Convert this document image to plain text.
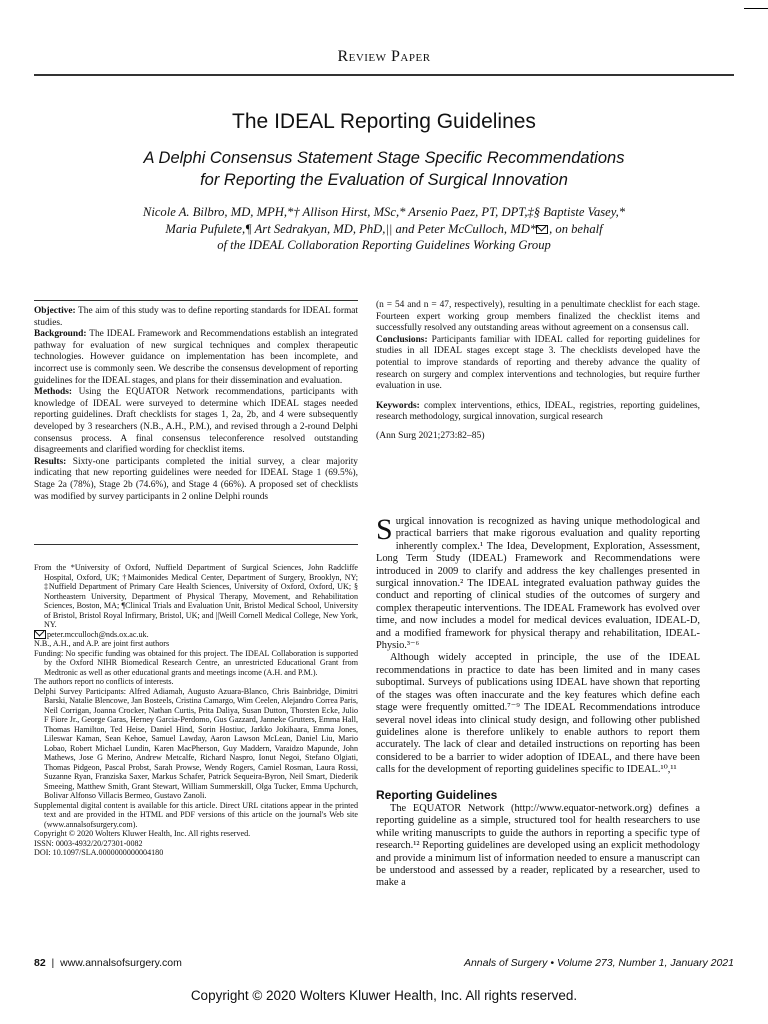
Review Paper
The IDEAL Reporting Guidelines
A Delphi Consensus Statement Stage Specific Recommendations
for Reporting the Evaluation of Surgical Innovation
Nicole A. Bilbro, MD, MPH,*† Allison Hirst, MSc,* Arsenio Paez, PT, DPT,‡§ Baptiste Vasey,*
Maria Pufulete,¶ Art Sedrakyan, MD, PhD,|| and Peter McCulloch, MD* , on behalf
of the IDEAL Collaboration Reporting Guidelines Working Group

Objective: The aim of this study was to define reporting standards for IDEAL format studies.

Background: The IDEAL Framework and Recommendations establish an integrated pathway for evaluation of new surgical techniques and complex therapeutic technologies. However guidance on implementation has been incomplete, and incorrect use is commonly seen. We describe the consensus development of reporting guidelines for the IDEAL stages, and plans for their dissemination and evaluation.

Methods: Using the EQUATOR Network recommendations, participants with knowledge of IDEAL were surveyed to determine which IDEAL stages needed reporting guidelines. Draft checklists for stages 1, 2a, 2b, and 4 were subsequently developed by 3 researchers (N.B., A.H., P.M.), and revised through a 2-round Delphi consensus process. A final consensus teleconference resolved outstanding disagreements and clarified wording for checklist items.

Results: Sixty-one participants completed the initial survey, a clear majority indicating that new reporting guidelines were needed for IDEAL Stage 1 (69.5%), Stage 2a (78%), Stage 2b (74.6%), and Stage 4 (66%). A proposed set of checklists was modified by survey participants in 2 online Delphi rounds

(n = 54 and n = 47, respectively), resulting in a penultimate checklist for each stage. Fourteen expert working group members finalized the checklist items and successfully resolved any outstanding areas without agreement on a consensus call.

Conclusions: Participants familiar with IDEAL called for reporting guidelines for studies in all IDEAL stages except stage 3. The checklists developed have the potential to improve standards of reporting and thereby advance the quality of research on surgery and complex interventions and technologies, but require further evaluation in use.

Keywords: complex interventions, ethics, IDEAL, registries, reporting guidelines, research methodology, surgical innovation, surgical research

(Ann Surg 2021;273:82–85)

From the *University of Oxford, Nuffield Department of Surgical Sciences, John Radcliffe Hospital, Oxford, UK; †Maimonides Medical Center, Department of Surgery, Brooklyn, NY; ‡Nuffield Department of Primary Care Health Sciences, University of Oxford, Oxford, UK; § Northeastern University, Department of Physical Therapy, Movement, and Rehabilitation Sciences, Boston, MA; ¶Clinical Trials and Evaluation Unit, Bristol Medical School, University of Bristol, Bristol Royal Infirmary, Bristol, UK; and ||Weill Cornell Medical College, New York, NY.

peter.mcculloch@nds.ox.ac.uk.

N.B., A.H., and A.P. are joint first authors

Funding: No specific funding was obtained for this project. The IDEAL Collaboration is supported by the Oxford NIHR Biomedical Research Centre, an unrestricted Educational Grant from Medtronic as well as other educational grants and meetings income (A.H. and P.M.).

The authors report no conflicts of interests.

Delphi Survey Participants: Alfred Adiamah, Augusto Azuara-Blanco, Chris Bainbridge, Dimitri Barski, Natalie Blencowe, Jan Bosteels, Cristina Camargo, Wim Ceelen, Alejandro Correa Paris, Neil Corrigan, Joanna Crocker, Nathan Curtis, Prita Daliya, Susan Dutton, Thorsten Ecke, Julio F Fiore Jr., George Garas, Herney Garcia-Perdomo, Gus Gazzard, Janneke Grutters, Emma Hall, Thomas Hamilton, Ted Heise, Daniel Hind, Sorin Hostiuc, Jarkko Jokihaara, Emma Jones, Lileswar Kaman, Sean Kehoe, Samuel Lawday, Aaron Lawson McLean, Daniel Liu, Mario Lobao, Robert Michael Lundin, Karen MacPherson, Guy Maddern, Varaidzo Mapunde, John Mathews, Jose G Merino, Andrew Metcalfe, Richard Naspro, Ionut Negoi, Stefano Olgiati, Thomas Pidgeon, Pascal Probst, Sarah Prowse, Wendy Rogers, Camiel Rosman, Laura Rossi, Suzanne Ryan, Franziska Saxer, Markus Schafer, Patrick Sequeira-Byron, Neil Smart, Diederik Smeeing, Matthew Smith, Grant Stewart, William Summerskill, Olga Tucker, Emma Upchurch, Bolivar Alfonso Villacis Bermeo, Gustavo Zanoli.

Supplemental digital content is available for this article. Direct URL citations appear in the printed text and are provided in the HTML and PDF versions of this article on the journal's Web site (www.annalsofsurgery.com).

Copyright © 2020 Wolters Kluwer Health, Inc. All rights reserved.

ISSN: 0003-4932/20/27301-0082

DOI: 10.1097/SLA.0000000000004180

Surgical innovation is recognized as having unique methodological and practical barriers that make rigorous evaluation and quality reporting inherently complex.¹ The Idea, Development, Exploration, Assessment, Long Term Study (IDEAL) Framework and Recommendations were introduced in 2009 to clarify and address the key challenges presented in surgical innovation.² The IDEAL integrated evaluation pathway guides the conduct and reporting of clinical studies of the outcomes of surgery and complex therapeutic interventions. The IDEAL Framework has evolved over time, and now includes a model for medical devices evaluation, IDEAL-D, and a modified framework for physical therapy and rehabilitation, IDEAL-Physio.³⁻⁶

Although widely accepted in principle, the use of the IDEAL recommendations in practice to date has been limited and in many cases suboptimal. Surveys of publications using IDEAL have shown that reporting of the stages was often inaccurate and the key features which define each stage were frequently omitted.⁷⁻⁹ The IDEAL Recommendations introduce several novel ideas into clinical study design, and following other published guidelines alone is therefore unlikely to enable authors to report them accurately. The lack of clear and detailed instructions on reporting has been considered to be a barrier to wider adoption of IDEAL, and there have been calls for the development of reporting guidelines specific to IDEAL.¹⁰,¹¹

Reporting Guidelines

The EQUATOR Network (http://www.equator-network.org) defines a reporting guideline as a simple, structured tool for health researchers to use while writing manuscripts to guide the authors in reporting a specific type of research.¹² Reporting guidelines are developed using an explicit methodology and provide a minimum list of information needed to ensure a manuscript can be understood and assessed by a reader, replicated by a researcher, used to make a

82 | www.annalsofsurgery.com	Annals of Surgery • Volume 273, Number 1, January 2021
Copyright © 2020 Wolters Kluwer Health, Inc. All rights reserved.
